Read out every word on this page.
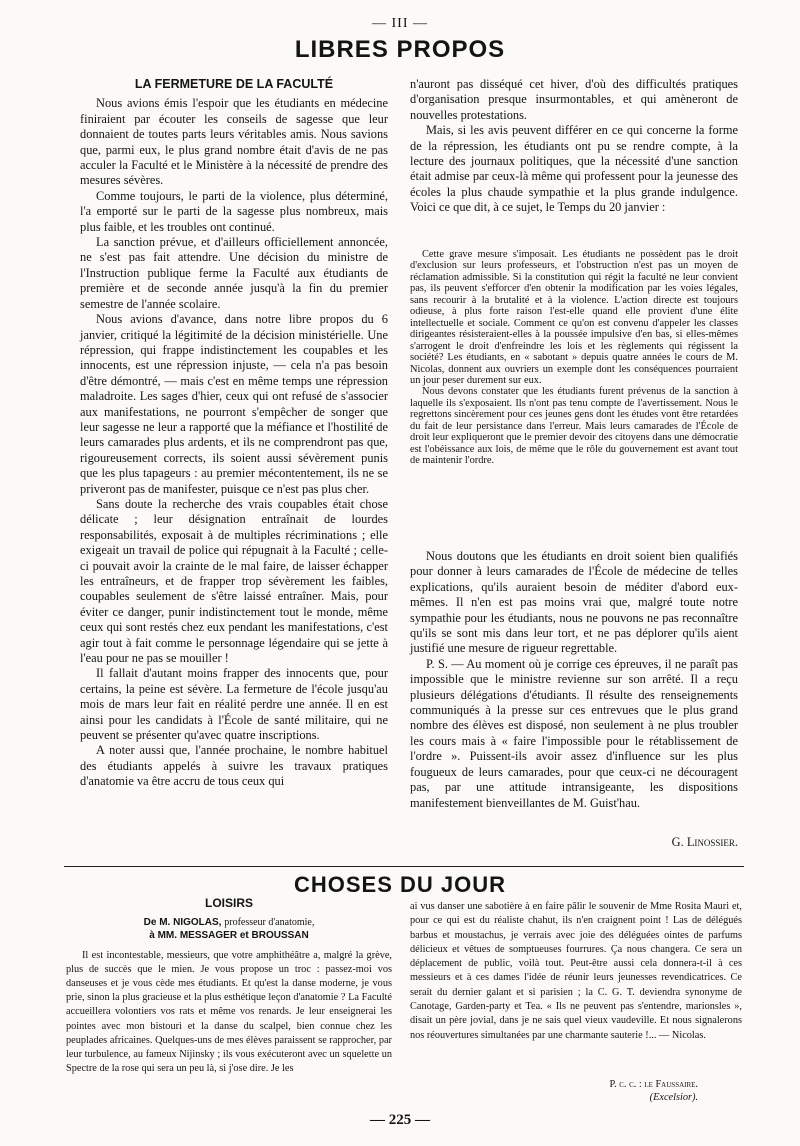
— III —
LIBRES PROPOS
LA FERMETURE DE LA FACULTÉ

Nous avions émis l'espoir que les étudiants en médecine finiraient par écouter les conseils de sagesse que leur donnaient de toutes parts leurs véritables amis. Nous savions que, parmi eux, le plus grand nombre était d'avis de ne pas acculer la Faculté et le Ministère à la nécessité de prendre des mesures sévères.

Comme toujours, le parti de la violence, plus déterminé, l'a emporté sur le parti de la sagesse plus nombreux, mais plus faible, et les troubles ont continué.

La sanction prévue, et d'ailleurs officiellement annoncée, ne s'est pas fait attendre. Une décision du ministre de l'Instruction publique ferme la Faculté aux étudiants de première et de seconde année jusqu'à la fin du premier semestre de l'année scolaire.

Nous avions d'avance, dans notre libre propos du 6 janvier, critiqué la légitimité de la décision ministérielle. Une répression, qui frappe indistinctement les coupables et les innocents, est une répression injuste, — cela n'a pas besoin d'être démontré, — mais c'est en même temps une répression maladroite. Les sages d'hier, ceux qui ont refusé de s'associer aux manifestations, ne pourront s'empêcher de songer que leur sagesse ne leur a rapporté que la méfiance et l'hostilité de leurs camarades plus ardents, et ils ne comprendront pas que, rigoureusement corrects, ils soient aussi sévèrement punis que les plus tapageurs : au premier mécontentement, ils ne se priveront pas de manifester, puisque ce n'est pas plus cher.

Sans doute la recherche des vrais coupables était chose délicate ; leur désignation entraînait de lourdes responsabilités, exposait à de multiples récriminations ; elle exigeait un travail de police qui répugnait à la Faculté ; celle-ci pouvait avoir la crainte de le mal faire, de laisser échapper les entraîneurs, et de frapper trop sévèrement les faibles, coupables seulement de s'être laissé entraîner. Mais, pour éviter ce danger, punir indistinctement tout le monde, même ceux qui sont restés chez eux pendant les manifestations, c'est agir tout à fait comme le personnage légendaire qui se jette à l'eau pour ne pas se mouiller !

Il fallait d'autant moins frapper des innocents que, pour certains, la peine est sévère. La fermeture de l'école jusqu'au mois de mars leur fait en réalité perdre une année. Il en est ainsi pour les candidats à l'École de santé militaire, qui ne peuvent se présenter qu'avec quatre inscriptions.

A noter aussi que, l'année prochaine, le nombre habituel des étudiants appelés à suivre les travaux pratiques d'anatomie va être accru de tous ceux qui

n'auront pas disséqué cet hiver, d'où des difficultés pratiques d'organisation presque insurmontables, et qui amèneront de nouvelles protestations.

Mais, si les avis peuvent différer en ce qui concerne la forme de la répression, les étudiants ont pu se rendre compte, à la lecture des journaux politiques, que la nécessité d'une sanction était admise par ceux-là même qui professent pour la jeunesse des écoles la plus chaude sympathie et la plus grande indulgence. Voici ce que dit, à ce sujet, le Temps du 20 janvier :

Cette grave mesure s'imposait. Les étudiants ne possèdent pas le droit d'exclusion sur leurs professeurs, et l'obstruction n'est pas un moyen de réclamation admissible. Si la constitution qui régit la faculté ne leur convient pas, ils peuvent s'efforcer d'en obtenir la modification par les voies légales, sans recourir à la brutalité et à la violence. L'action directe est toujours odieuse, à plus forte raison l'est-elle quand elle provient d'une élite intellectuelle et sociale. Comment ce qu'on est convenu d'appeler les classes dirigeantes résisteraient-elles à la poussée impulsive d'en bas, si elles-mêmes s'arrogent le droit d'enfreindre les lois et les règlements qui régissent la société? Les étudiants, en « sabotant » depuis quatre années le cours de M. Nicolas, donnent aux ouvriers un exemple dont les conséquences pourraient un jour peser durement sur eux.

Nous devons constater que les étudiants furent prévenus de la sanction à laquelle ils s'exposaient. Ils n'ont pas tenu compte de l'avertissement. Nous le regrettons sincèrement pour ces jeunes gens dont les études vont être retardées du fait de leur persistance dans l'erreur. Mais leurs camarades de l'École de droit leur expliqueront que le premier devoir des citoyens dans une démocratie est l'obéissance aux lois, de même que le rôle du gouvernement est avant tout de maintenir l'ordre.

Nous doutons que les étudiants en droit soient bien qualifiés pour donner à leurs camarades de l'École de médecine de telles explications, qu'ils auraient besoin de méditer d'abord eux-mêmes. Il n'en est pas moins vrai que, malgré toute notre sympathie pour les étudiants, nous ne pouvons ne pas reconnaître qu'ils se sont mis dans leur tort, et ne pas déplorer qu'ils aient justifié une mesure de rigueur regrettable.

P. S. — Au moment où je corrige ces épreuves, il ne paraît pas impossible que le ministre revienne sur son arrêté. Il a reçu plusieurs délégations d'étudiants. Il résulte des renseignements communiqués à la presse sur ces entrevues que le plus grand nombre des élèves est disposé, non seulement à ne plus troubler les cours mais à « faire l'impossible pour le rétablissement de l'ordre ». Puissent-ils avoir assez d'influence sur les plus fougueux de leurs camarades, pour que ceux-ci ne découragent pas, par une attitude intransigeante, les dispositions manifestement bienveillantes de M. Guist'hau.

G. Linossier.
CHOSES DU JOUR
LOISIRS
De M. NIGOLAS, professeur d'anatomie,
à MM. MESSAGER et BROUSSAN

Il est incontestable, messieurs, que votre amphithéâtre a, malgré la grève, plus de succès que le mien. Je vous propose un troc : passez-moi vos danseuses et je vous cède mes étudiants. Et qu'est la danse moderne, je vous prie, sinon la plus gracieuse et la plus esthétique leçon d'anatomie ? La Faculté accueillera volontiers vos rats et même vos renards. Je leur enseignerai les pointes avec mon bistouri et la danse du scalpel, bien connue chez les peuplades africaines. Quelques-uns de mes élèves paraissent se rapprocher, par leur turbulence, au fameux Nijinsky ; ils vous exécuteront avec un squelette un Spectre de la rose qui sera un peu là, si j'ose dire. Je les

ai vus danser une sabotière à en faire pâlir le souvenir de Mme Rosita Mauri et, pour ce qui est du réaliste chahut, ils n'en craignent point ! Las de délégués barbus et moustachus, je verrais avec joie des déléguées ointes de parfums délicieux et vêtues de somptueuses fourrures. Ça nous changera. Ce sera un déplacement de public, voilà tout. Peut-être aussi cela donnera-t-il à ces messieurs et à ces dames l'idée de réunir leurs jeunesses revendicatrices. Ce serait du dernier galant et si parisien ; la C. G. T. deviendra synonyme de Canotage, Garden-party et Tea. « Ils ne peuvent pas s'entendre, marionsles », disait un père jovial, dans je ne sais quel vieux vaudeville. Et nous signalerons nos réouvertures simultanées par une charmante sauterie !... — Nicolas.

P. c. c. : le Faussaire.
(Excelsior).
— 225 —
